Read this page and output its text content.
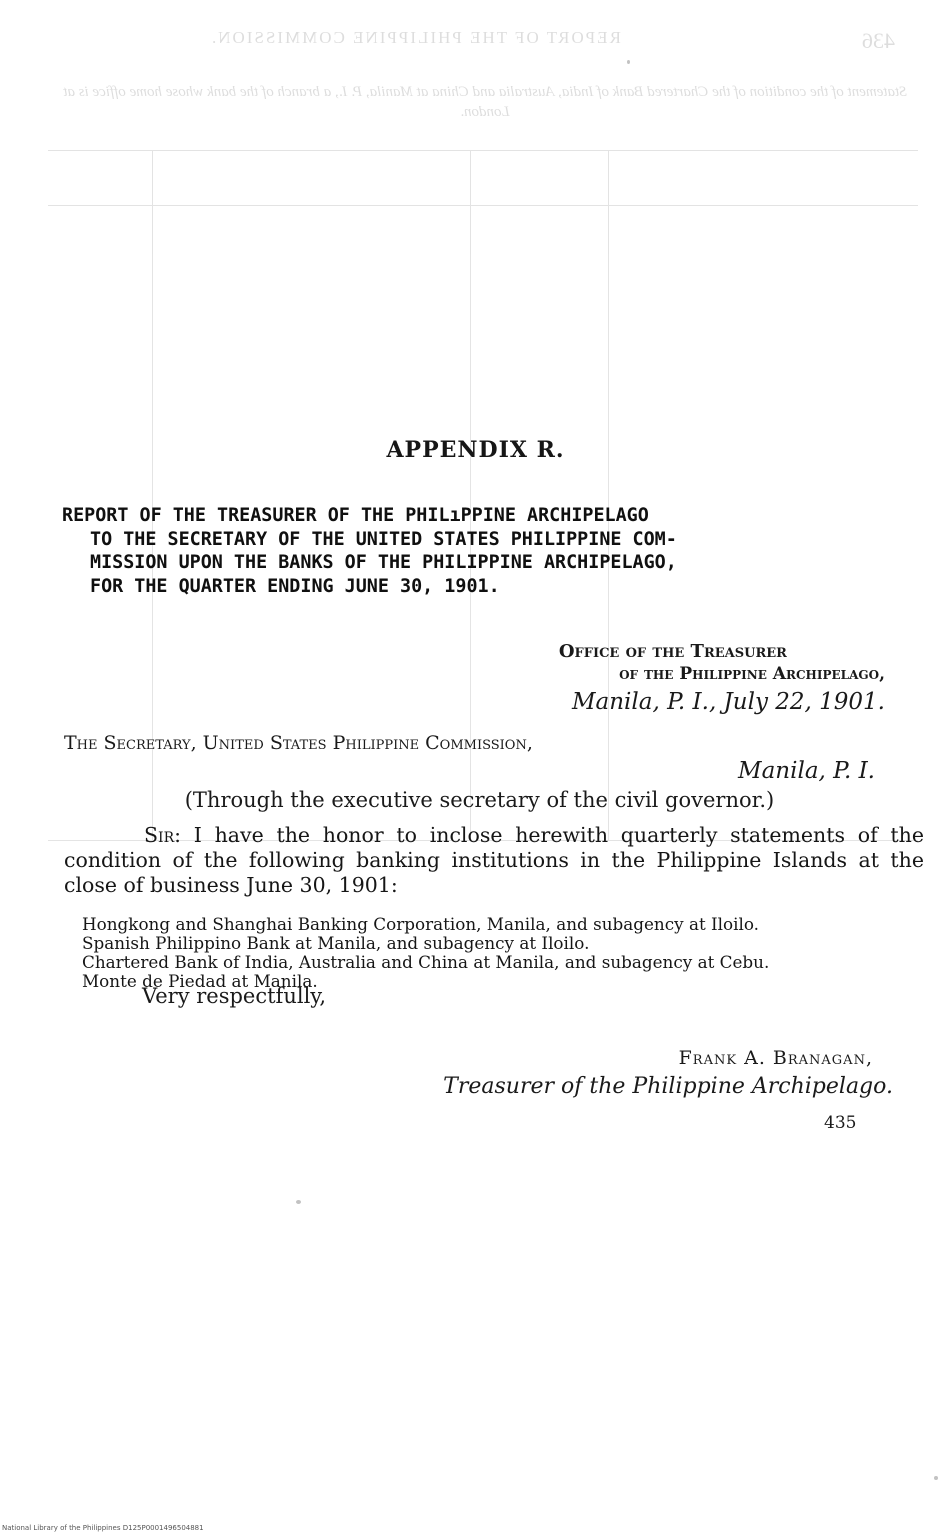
REPORT OF THE PHILIPPINE COMMISSION.	436
Statement of the condition of the Chartered Bank of India, Australia and China at Manila, P. I., a branch of the bank whose home office is at London.
APPENDIX R.
REPORT OF THE TREASURER OF THE PHILıPPINE ARCHIPELAGO
TO THE SECRETARY OF THE UNITED STATES PHILIPPINE COM-
MISSION UPON THE BANKS OF THE PHILIPPINE ARCHIPELAGO,
FOR THE QUARTER ENDING JUNE 30, 1901.
Office of the Treasurer
of the Philippine Archipelago,
Manila, P. I., July 22, 1901.
The Secretary, United States Philippine Commission,
Manila, P. I.
(Through the executive secretary of the civil governor.)
Sir: I have the honor to inclose herewith quarterly statements of the condition of the following banking institutions in the Philippine Islands at the close of business June 30, 1901:
Hongkong and Shanghai Banking Corporation, Manila, and subagency at Iloilo.
Spanish Philippino Bank at Manila, and subagency at Iloilo.
Chartered Bank of India, Australia and China at Manila, and subagency at Cebu.
Monte de Piedad at Manila.
Very respectfully,
Frank A. Branagan,
Treasurer of the Philippine Archipelago.
435
National Library of the Philippines D125P0001496504881
